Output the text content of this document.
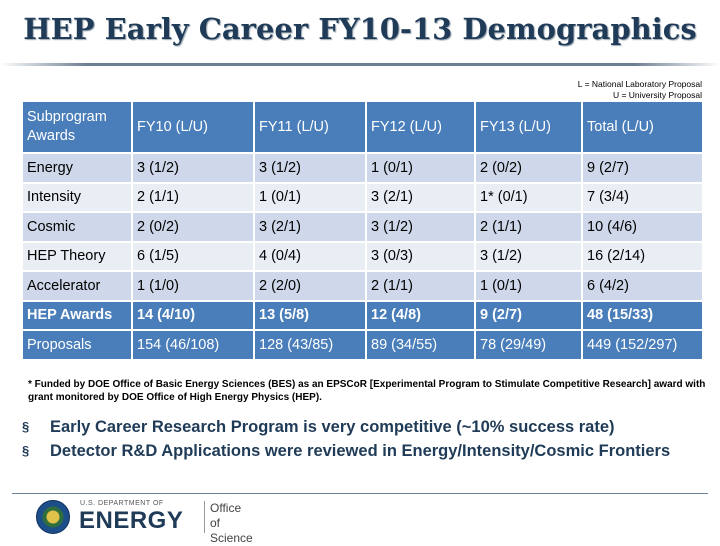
HEP Early Career FY10-13 Demographics
L = National Laboratory Proposal
U = University Proposal
Subprogram Awards	FY10 (L/U)	FY11 (L/U)	FY12 (L/U)	FY13 (L/U)	Total (L/U)
Energy	3 (1/2)	3 (1/2)	1 (0/1)	2 (0/2)	9 (2/7)
Intensity	2 (1/1)	1 (0/1)	3 (2/1)	1* (0/1)	7 (3/4)
Cosmic	2 (0/2)	3 (2/1)	3 (1/2)	2 (1/1)	10 (4/6)
HEP Theory	6 (1/5)	4 (0/4)	3 (0/3)	3 (1/2)	16 (2/14)
Accelerator	1 (1/0)	2 (2/0)	2 (1/1)	1 (0/1)	6 (4/2)
HEP Awards	14 (4/10)	13 (5/8)	12 (4/8)	9 (2/7)	48 (15/33)
Proposals	154 (46/108)	128 (43/85)	89 (34/55)	78 (29/49)	449 (152/297)
* Funded by DOE Office of Basic Energy Sciences (BES) as an EPSCoR [Experimental Program to Stimulate Competitive Research] award with grant monitored by DOE Office of High Energy Physics (HEP).
§	Early Career Research Program is very competitive (~10% success rate)
§	Detector R&D Applications were reviewed in Energy/Intensity/Cosmic Frontiers
U.S. DEPARTMENT OF
ENERGY Office of
Science
